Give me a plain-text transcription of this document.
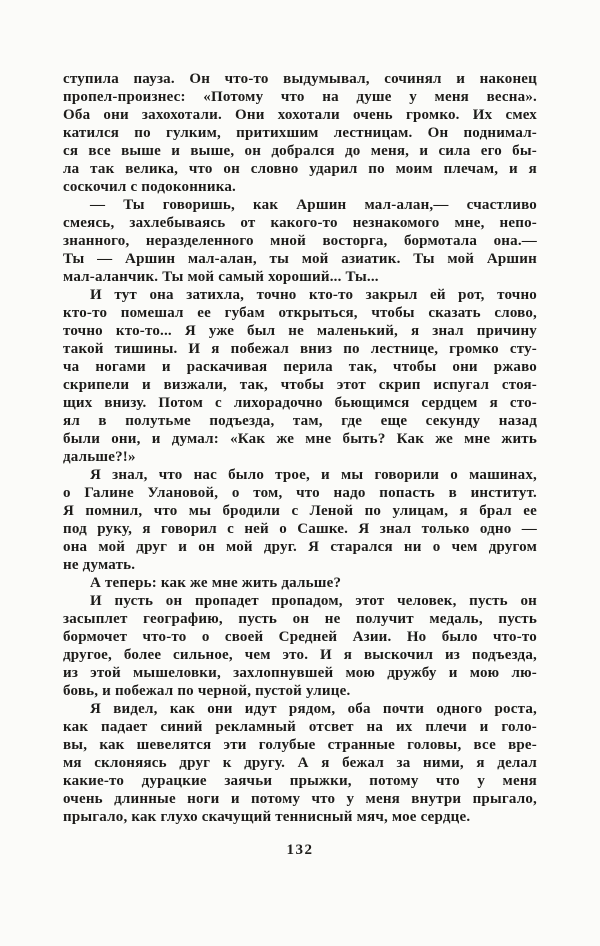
ступила пауза. Он что-то выдумывал, сочинял и наконец
пропел-произнес: «Потому что на душе у меня весна».
Оба они захохотали. Они хохотали очень громко. Их смех
катился по гулким, притихшим лестницам. Он поднимал-
ся все выше и выше, он добрался до меня, и сила его бы-
ла так велика, что он словно ударил по моим плечам, и я
соскочил с подоконника.
— Ты говоришь, как Аршин мал-алан,— счастливо
смеясь, захлебываясь от какого-то незнакомого мне, непо-
знанного, неразделенного мной восторга, бормотала она.—
Ты — Аршин мал-алан, ты мой азиатик. Ты мой Аршин
мал-аланчик. Ты мой самый хороший... Ты...
И тут она затихла, точно кто-то закрыл ей рот, точно
кто-то помешал ее губам открыться, чтобы сказать слово,
точно кто-то... Я уже был не маленький, я знал причину
такой тишины. И я побежал вниз по лестнице, громко сту-
ча ногами и раскачивая перила так, чтобы они ржаво
скрипели и визжали, так, чтобы этот скрип испугал стоя-
щих внизу. Потом с лихорадочно бьющимся сердцем я сто-
ял в полутьме подъезда, там, где еще секунду назад
были они, и думал: «Как же мне быть? Как же мне жить
дальше?!»
Я знал, что нас было трое, и мы говорили о машинах,
о Галине Улановой, о том, что надо попасть в институт.
Я помнил, что мы бродили с Леной по улицам, я брал ее
под руку, я говорил с ней о Сашке. Я знал только одно —
она мой друг и он мой друг. Я старался ни о чем другом
не думать.
А теперь: как же мне жить дальше?
И пусть он пропадет пропадом, этот человек, пусть он
засыплет географию, пусть он не получит медаль, пусть
бормочет что-то о своей Средней Азии. Но было что-то
другое, более сильное, чем это. И я выскочил из подъезда,
из этой мышеловки, захлопнувшей мою дружбу и мою лю-
бовь, и побежал по черной, пустой улице.
Я видел, как они идут рядом, оба почти одного роста,
как падает синий рекламный отсвет на их плечи и голо-
вы, как шевелятся эти голубые странные головы, все вре-
мя склоняясь друг к другу. А я бежал за ними, я делал
какие-то дурацкие заячьи прыжки, потому что у меня
очень длинные ноги и потому что у меня внутри прыгало,
прыгало, как глухо скачущий теннисный мяч, мое сердце.
132
